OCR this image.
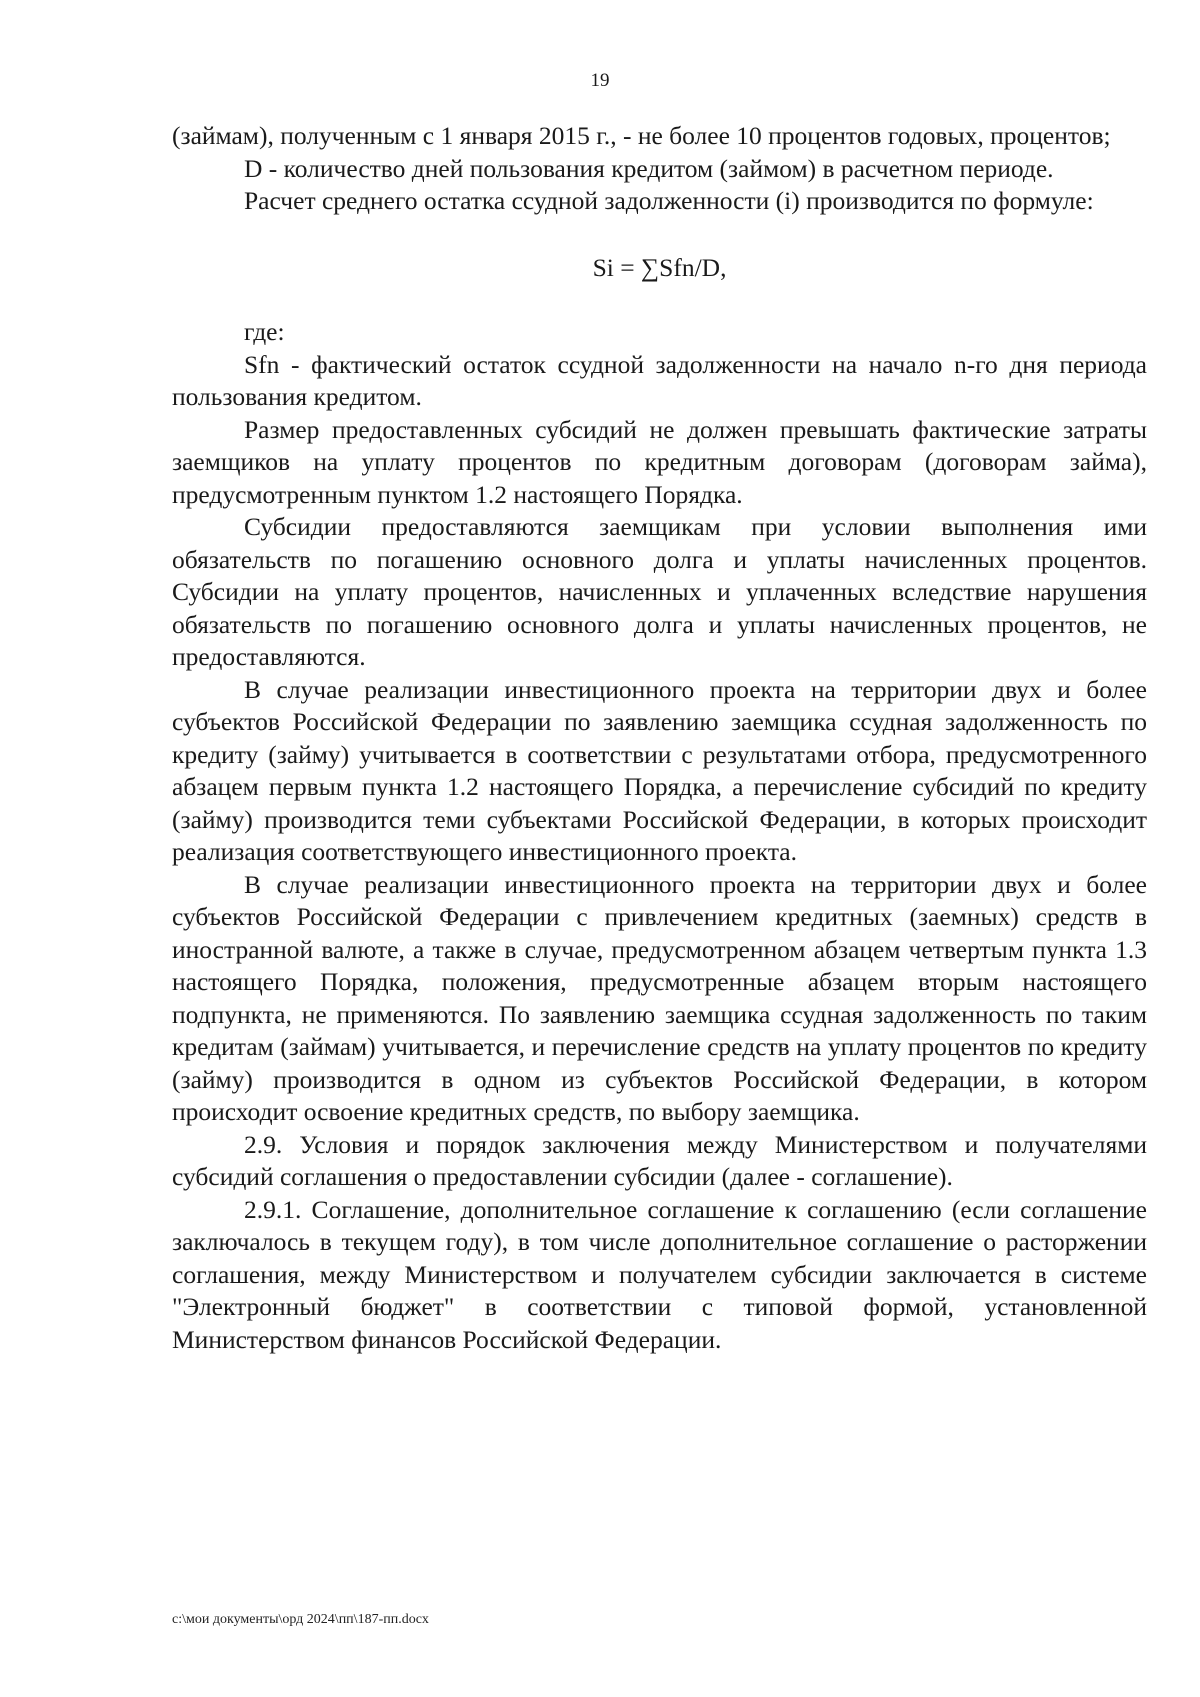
19

(займам), полученным с 1 января 2015 г., - не более 10 процентов годовых, процентов;

D - количество дней пользования кредитом (займом) в расчетном периоде.

Расчет среднего остатка ссудной задолженности (i) производится по формуле:

Si = ∑Sfn/D,

где:

Sfn - фактический остаток ссудной задолженности на начало n-го дня периода пользования кредитом.

Размер предоставленных субсидий не должен превышать фактические затраты заемщиков на уплату процентов по кредитным договорам (договорам займа), предусмотренным пунктом 1.2 настоящего Порядка.

Субсидии предоставляются заемщикам при условии выполнения ими обязательств по погашению основного долга и уплаты начисленных процентов. Субсидии на уплату процентов, начисленных и уплаченных вследствие нарушения обязательств по погашению основного долга и уплаты начисленных процентов, не предоставляются.

В случае реализации инвестиционного проекта на территории двух и более субъектов Российской Федерации по заявлению заемщика ссудная задолженность по кредиту (займу) учитывается в соответствии с результатами отбора, предусмотренного абзацем первым пункта 1.2 настоящего Порядка, а перечисление субсидий по кредиту (займу) производится теми субъектами Российской Федерации, в которых происходит реализация соответствующего инвестиционного проекта.

В случае реализации инвестиционного проекта на территории двух и более субъектов Российской Федерации с привлечением кредитных (заемных) средств в иностранной валюте, а также в случае, предусмотренном абзацем четвертым пункта 1.3 настоящего Порядка, положения, предусмотренные абзацем вторым настоящего подпункта, не применяются. По заявлению заемщика ссудная задолженность по таким кредитам (займам) учитывается, и перечисление средств на уплату процентов по кредиту (займу) производится в одном из субъектов Российской Федерации, в котором происходит освоение кредитных средств, по выбору заемщика.

2.9. Условия и порядок заключения между Министерством и получателями субсидий соглашения о предоставлении субсидии (далее - соглашение).

2.9.1. Соглашение, дополнительное соглашение к соглашению (если соглашение заключалось в текущем году), в том числе дополнительное соглашение о расторжении соглашения, между Министерством и получателем субсидии заключается в системе "Электронный бюджет" в соответствии с типовой формой, установленной Министерством финансов Российской Федерации.

c:\мои документы\орд 2024\пп\187-пп.docx
